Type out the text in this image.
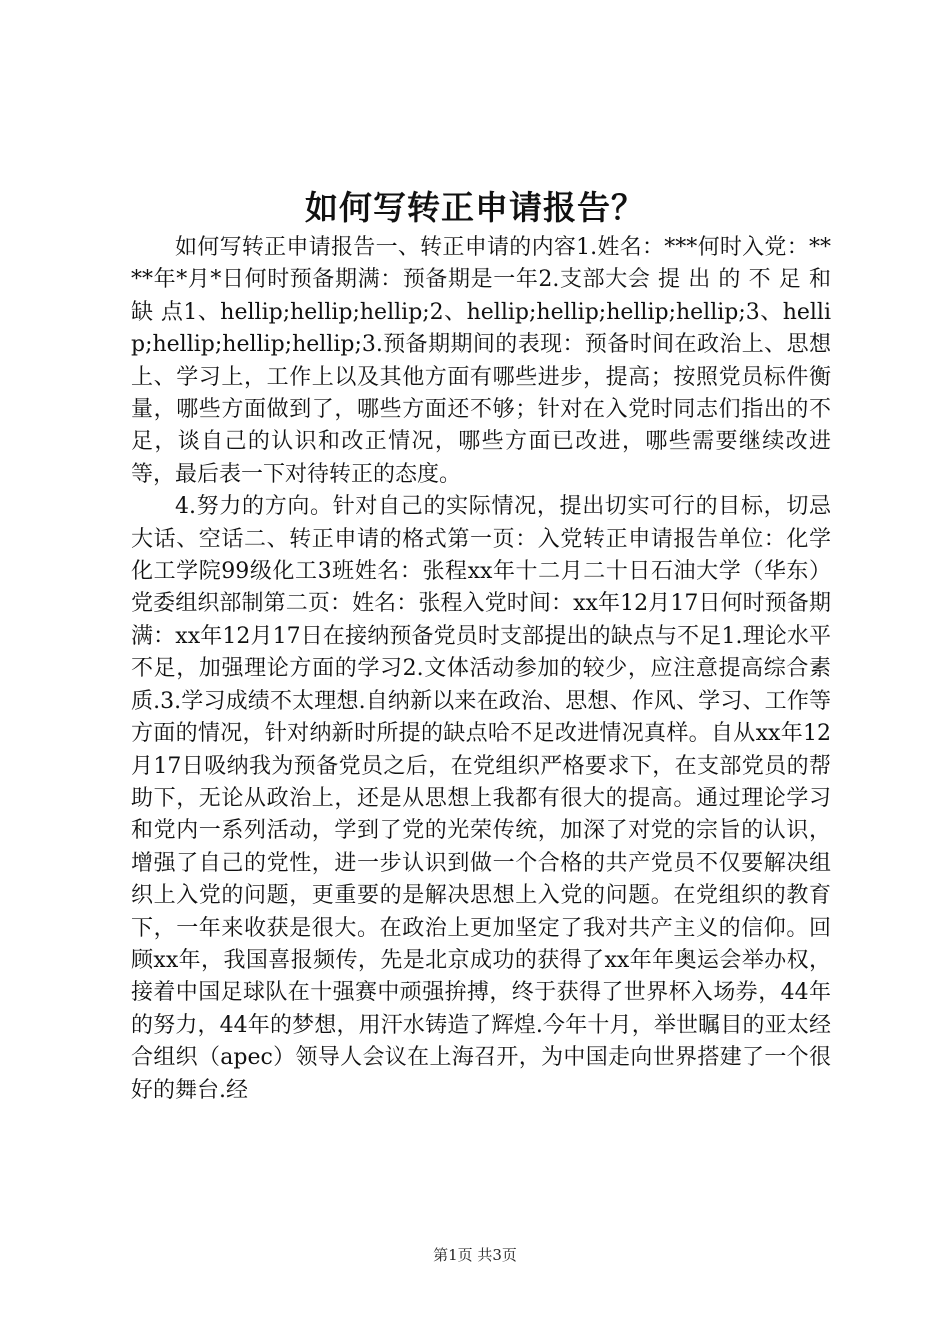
如何写转正申请报告？

如何写转正申请报告一、转正申请的内容1.姓名：***何时入党：****年*月*日何时预备期满：预备期是一年2.支部大会 提 出 的 不 足 和 缺 点1、hellip;hellip;hellip;2、hellip;hellip;hellip;hellip;3、hellip;hellip;hellip;hellip;3.预备期期间的表现：预备时间在政治上、思想上、学习上，工作上以及其他方面有哪些进步，提高；按照党员标件衡量，哪些方面做到了，哪些方面还不够；针对在入党时同志们指出的不足，谈自己的认识和改正情况，哪些方面已改进，哪些需要继续改进等，最后表一下对待转正的态度。

4.努力的方向。针对自己的实际情况，提出切实可行的目标，切忌大话、空话二、转正申请的格式第一页：入党转正申请报告单位：化学化工学院99级化工3班姓名：张程xx年十二月二十日石油大学（华东）党委组织部制第二页：姓名：张程入党时间：xx年12月17日何时预备期满：xx年12月17日在接纳预备党员时支部提出的缺点与不足1.理论水平不足，加强理论方面的学习2.文体活动参加的较少，应注意提高综合素质.3.学习成绩不太理想.自纳新以来在政治、思想、作风、学习、工作等方面的情况，针对纳新时所提的缺点哈不足改进情况真样。自从xx年12月17日吸纳我为预备党员之后，在党组织严格要求下，在支部党员的帮助下，无论从政治上，还是从思想上我都有很大的提高。通过理论学习和党内一系列活动，学到了党的光荣传统，加深了对党的宗旨的认识，增强了自己的党性，进一步认识到做一个合格的共产党员不仅要解决组织上入党的问题，更重要的是解决思想上入党的问题。在党组织的教育下，一年来收获是很大。在政治上更加坚定了我对共产主义的信仰。回顾xx年，我国喜报频传，先是北京成功的获得了xx年年奥运会举办权，接着中国足球队在十强赛中顽强拚搏，终于获得了世界杯入场券，44年的努力，44年的梦想，用汗水铸造了辉煌.今年十月，举世瞩目的亚太经合组织（apec）领导人会议在上海召开，为中国走向世界搭建了一个很好的舞台.经

第1页 共3页
